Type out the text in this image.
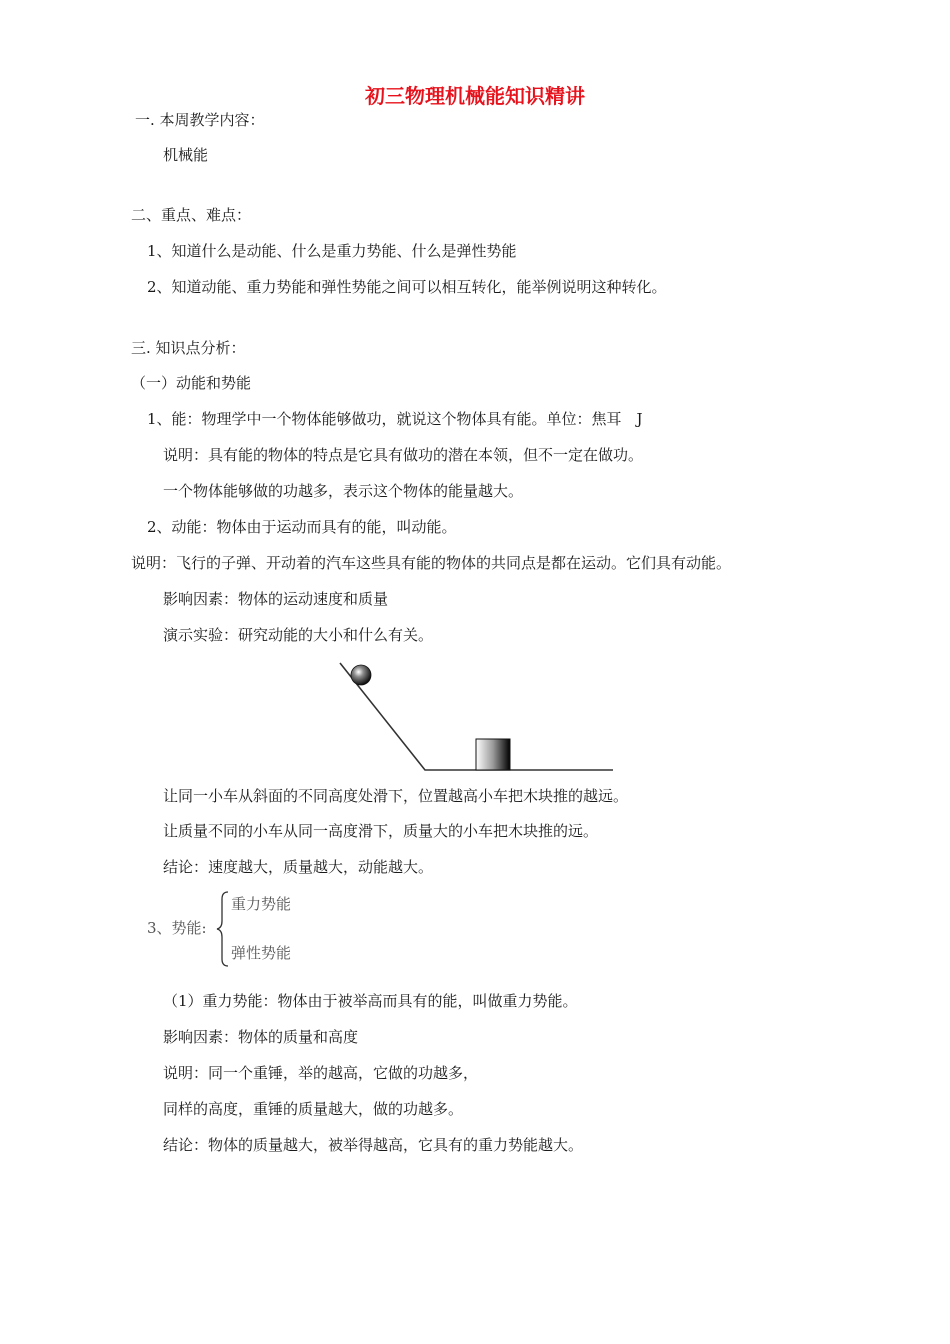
初三物理机械能知识精讲
一. 本周教学内容：
机械能
二、重点、难点：
1、知道什么是动能、什么是重力势能、什么是弹性势能
2、知道动能、重力势能和弹性势能之间可以相互转化，能举例说明这种转化。
三. 知识点分析：
（一）动能和势能
1、能：物理学中一个物体能够做功，就说这个物体具有能。单位：焦耳　J
说明：具有能的物体的特点是它具有做功的潜在本领，但不一定在做功。
一个物体能够做的功越多，表示这个物体的能量越大。
2、动能：物体由于运动而具有的能，叫动能。
说明：飞行的子弹、开动着的汽车这些具有能的物体的共同点是都在运动。它们具有动能。
影响因素：物体的运动速度和质量
演示实验：研究动能的大小和什么有关。
让同一小车从斜面的不同高度处滑下，位置越高小车把木块推的越远。
让质量不同的小车从同一高度滑下，质量大的小车把木块推的远。
结论：速度越大，质量越大，动能越大。
3、势能:
重力势能
弹性势能
（1）重力势能：物体由于被举高而具有的能，叫做重力势能。
影响因素：物体的质量和高度
说明：同一个重锤，举的越高，它做的功越多，
同样的高度，重锤的质量越大，做的功越多。
结论：物体的质量越大，被举得越高，它具有的重力势能越大。
